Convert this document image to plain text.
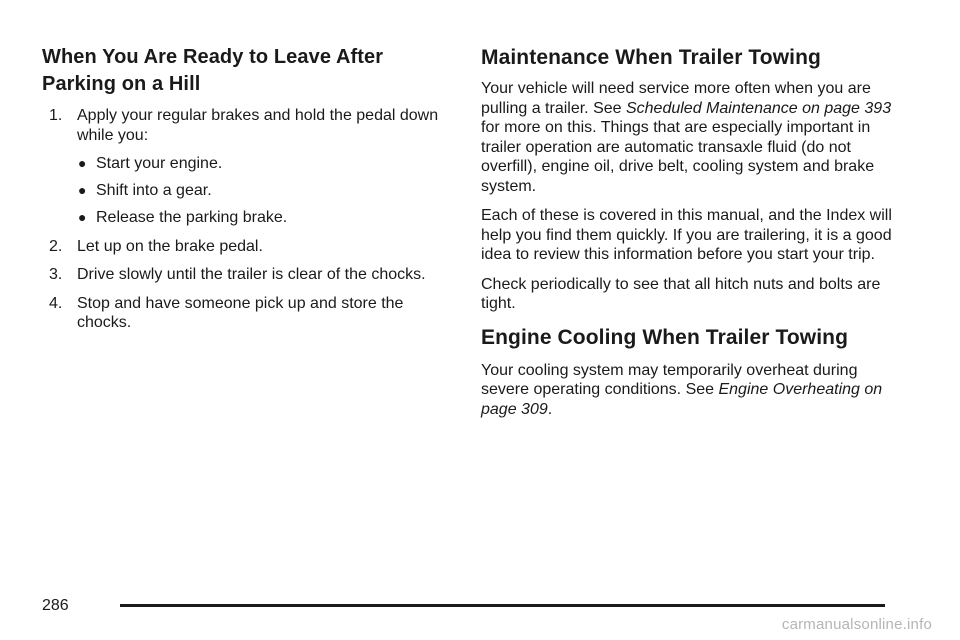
When You Are Ready to Leave After Parking on a Hill
1. Apply your regular brakes and hold the pedal down while you:
● Start your engine.
● Shift into a gear.
● Release the parking brake.
2. Let up on the brake pedal.
3. Drive slowly until the trailer is clear of the chocks.
4. Stop and have someone pick up and store the chocks.
Maintenance When Trailer Towing

Your vehicle will need service more often when you are pulling a trailer. See Scheduled Maintenance on page 393 for more on this. Things that are especially important in trailer operation are automatic transaxle fluid (do not overfill), engine oil, drive belt, cooling system and brake system.

Each of these is covered in this manual, and the Index will help you find them quickly. If you are trailering, it is a good idea to review this information before you start your trip.

Check periodically to see that all hitch nuts and bolts are tight.

Engine Cooling When Trailer Towing

Your cooling system may temporarily overheat during severe operating conditions. See Engine Overheating on page 309.

286
carmanualsonline.info
